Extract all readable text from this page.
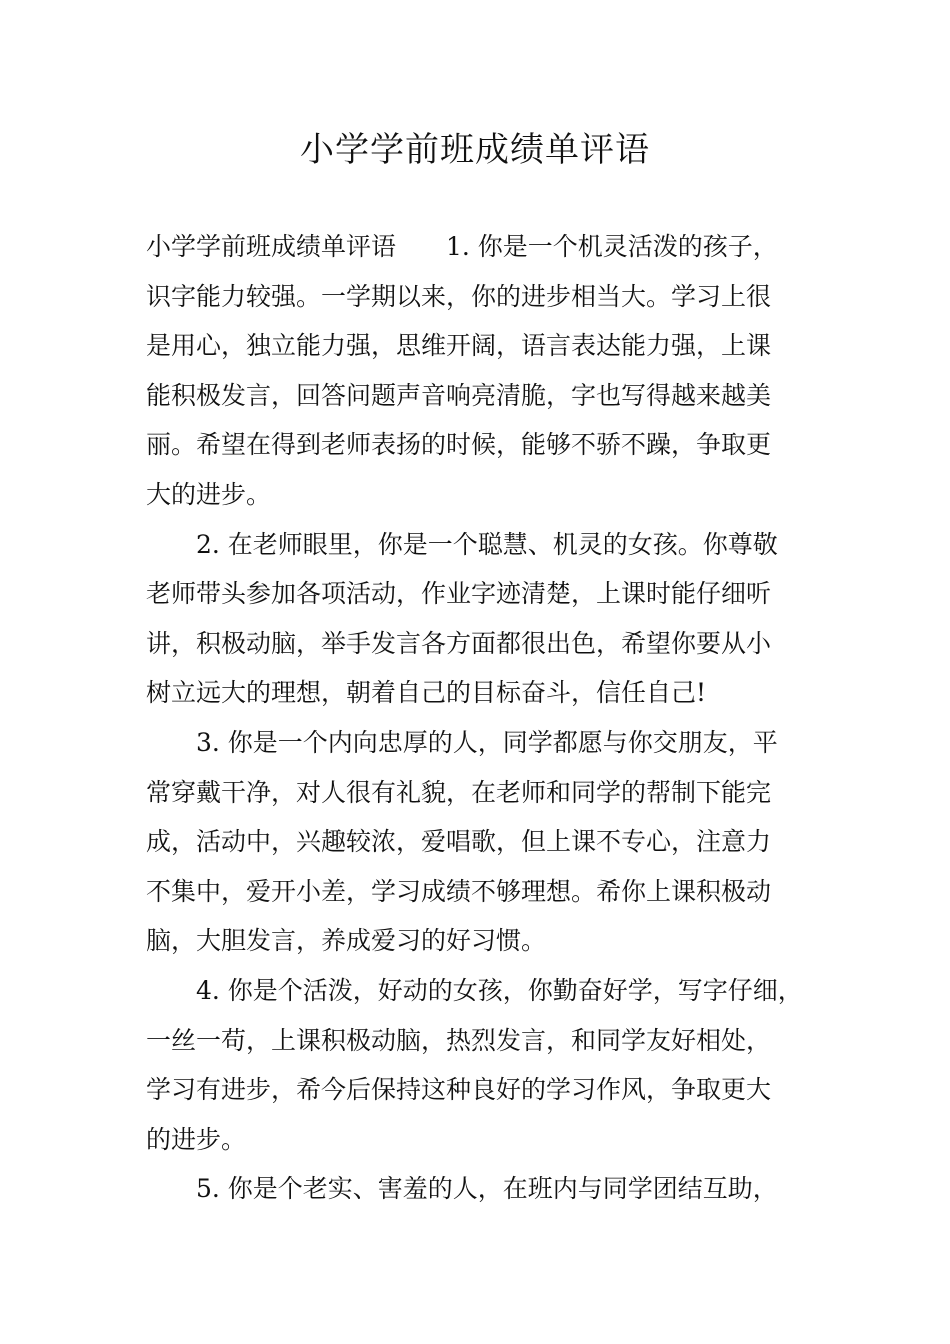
小学学前班成绩单评语
小学学前班成绩单评语　　1. 你是一个机灵活泼的孩子，
识字能力较强。一学期以来，你的进步相当大。学习上很
是用心，独立能力强，思维开阔，语言表达能力强，上课
能积极发言，回答问题声音响亮清脆，字也写得越来越美
丽。希望在得到老师表扬的时候，能够不骄不躁，争取更
大的进步。
　　2. 在老师眼里，你是一个聪慧、机灵的女孩。你尊敬
老师带头参加各项活动，作业字迹清楚，上课时能仔细听
讲，积极动脑，举手发言各方面都很出色，希望你要从小
树立远大的理想，朝着自己的目标奋斗，信任自己!
　　3. 你是一个内向忠厚的人，同学都愿与你交朋友，平
常穿戴干净，对人很有礼貌，在老师和同学的帮制下能完
成，活动中，兴趣较浓，爱唱歌，但上课不专心，注意力
不集中，爱开小差，学习成绩不够理想。希你上课积极动
脑，大胆发言，养成爱习的好习惯。
　　4. 你是个活泼，好动的女孩，你勤奋好学，写字仔细，
一丝一苟，上课积极动脑，热烈发言，和同学友好相处，
学习有进步，希今后保持这种良好的学习作风，争取更大
的进步。
　　5. 你是个老实、害羞的人，在班内与同学团结互助，
